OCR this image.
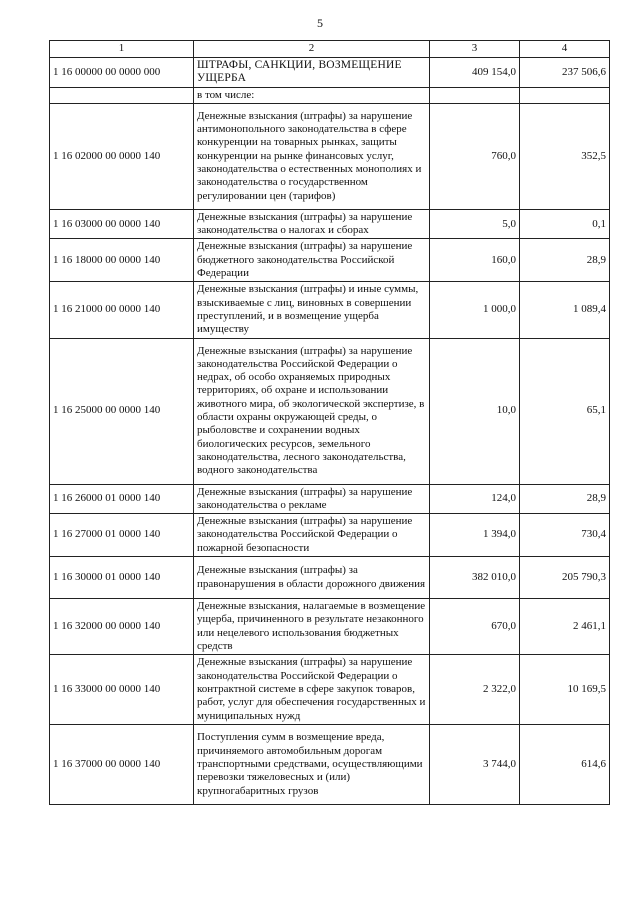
5
1	2	3	4
1 16 00000 00 0000 000	ШТРАФЫ, САНКЦИИ, ВОЗМЕЩЕНИЕ УЩЕРБА	409 154,0	237 506,6
	в том числе:		
1 16 02000 00 0000 140	Денежные взыскания (штрафы) за нарушение антимонопольного законодательства в сфере конкуренции на товарных рынках, защиты конкуренции на рынке финансовых услуг, законодательства о естественных монополиях и законодательства о государственном регулировании цен (тарифов)	760,0	352,5
1 16 03000 00 0000 140	Денежные взыскания (штрафы) за нарушение законодательства о налогах и сборах	5,0	0,1
1 16 18000 00 0000 140	Денежные взыскания (штрафы) за нарушение бюджетного законодательства Российской Федерации	160,0	28,9
1 16 21000 00 0000 140	Денежные взыскания (штрафы) и иные суммы, взыскиваемые с лиц, виновных в совершении преступлений, и в возмещение ущерба имуществу	1 000,0	1 089,4
1 16 25000 00 0000 140	Денежные взыскания (штрафы) за нарушение законодательства Российской Федерации о недрах, об особо охраняемых природных территориях, об охране и использовании животного мира, об экологической экспертизе, в области охраны окружающей среды, о рыболовстве и сохранении водных биологических ресурсов, земельного законодательства, лесного законодательства, водного законодательства	10,0	65,1
1 16 26000 01 0000 140	Денежные взыскания (штрафы) за нарушение законодательства о рекламе	124,0	28,9
1 16 27000 01 0000 140	Денежные взыскания (штрафы) за нарушение законодательства Российской Федерации о пожарной безопасности	1 394,0	730,4
1 16 30000 01 0000 140	Денежные взыскания (штрафы) за правонарушения в области дорожного движения	382 010,0	205 790,3
1 16 32000 00 0000 140	Денежные взыскания, налагаемые в возмещение ущерба, причиненного в результате незаконного или нецелевого использования бюджетных средств	670,0	2 461,1
1 16 33000 00 0000 140	Денежные взыскания (штрафы) за нарушение законодательства Российской Федерации о контрактной системе в сфере закупок товаров, работ, услуг для обеспечения государственных и муниципальных нужд	2 322,0	10 169,5
1 16 37000 00 0000 140	Поступления сумм в возмещение вреда, причиняемого автомобильным дорогам транспортными средствами, осуществляющими перевозки тяжеловесных и (или) крупногабаритных грузов	3 744,0	614,6
